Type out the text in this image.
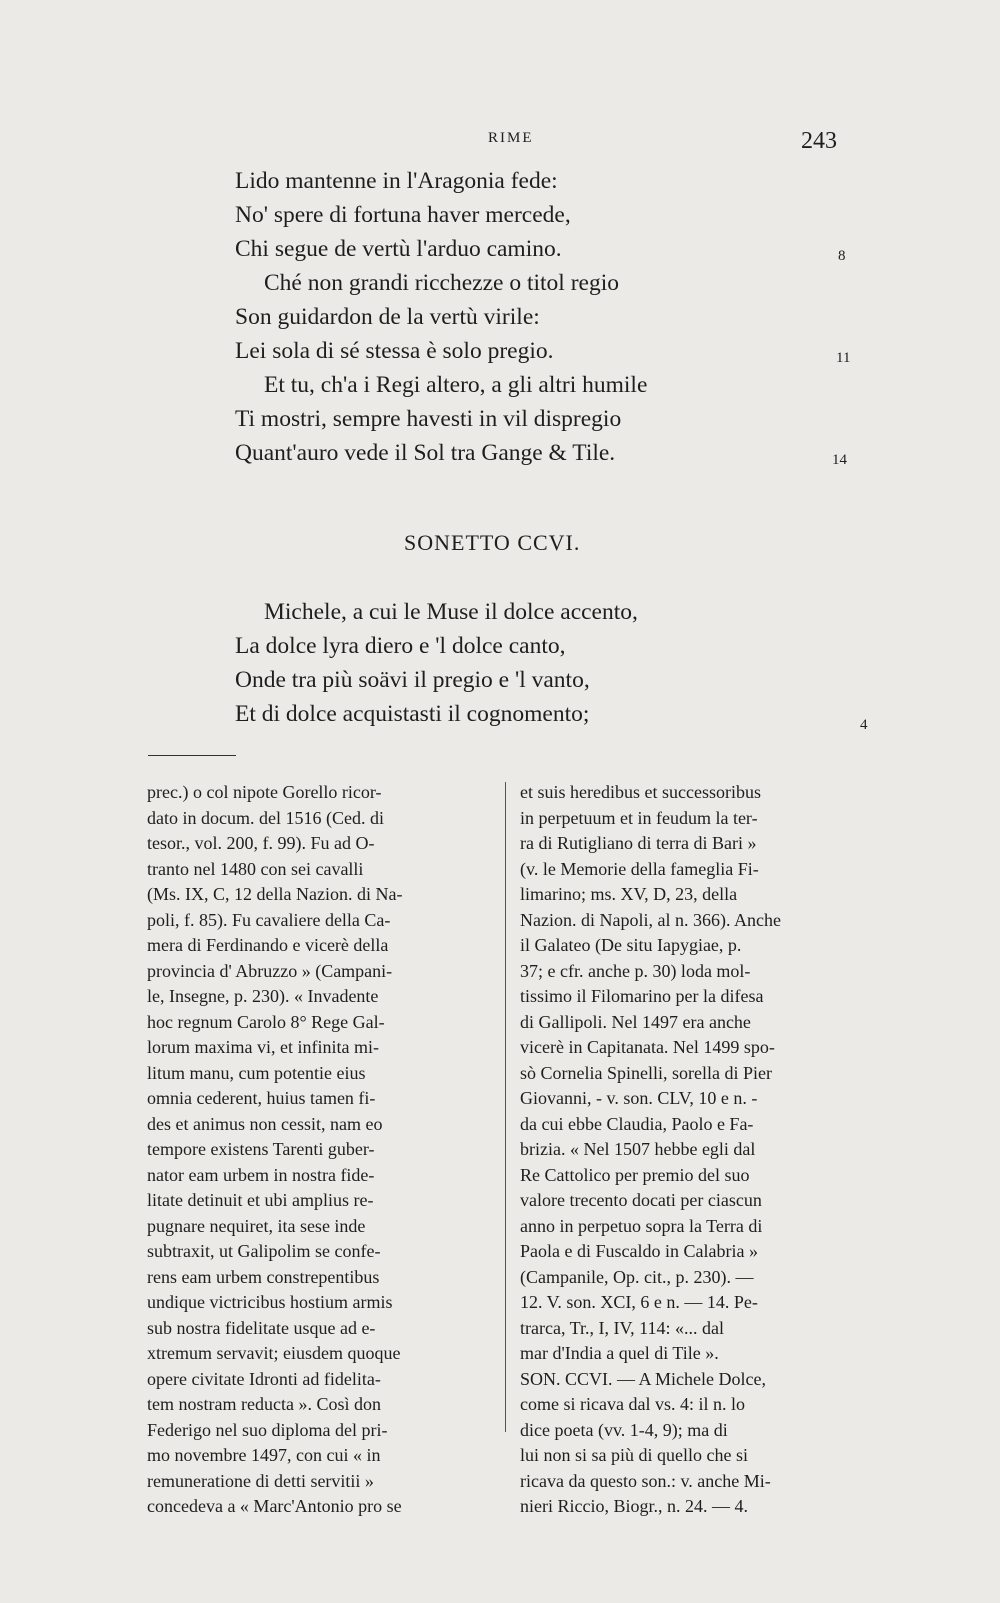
RIME	243
Lido mantenne in l'Aragonia fede:
No' spere di fortuna haver mercede,
Chi segue de vertù l'arduo camino.
Ché non grandi ricchezze o titol regio
Son guidardon de la vertù virile:
Lei sola di sé stessa è solo pregio.
Et tu, ch'a i Regi altero, a gli altri humile
Ti mostri, sempre havesti in vil dispregio
Quant'auro vede il Sol tra Gange & Tile.
8
11
14
SONETTO CCVI.
Michele, a cui le Muse il dolce accento,
La dolce lyra diero e 'l dolce canto,
Onde tra più soävi il pregio e 'l vanto,
Et di dolce acquistasti il cognomento;	4
prec.) o col nipote Gorello ricor-
dato in docum. del 1516 (Ced. di
tesor., vol. 200, f. 99). Fu ad O-
tranto nel 1480 con sei cavalli
(Ms. IX, C, 12 della Nazion. di Na-
poli, f. 85). Fu cavaliere della Ca-
mera di Ferdinando e vicerè della
provincia d' Abruzzo » (Campani-
le, Insegne, p. 230). « Invadente
hoc regnum Carolo 8° Rege Gal-
lorum maxima vi, et infinita mi-
litum manu, cum potentie eius
omnia cederent, huius tamen fi-
des et animus non cessit, nam eo
tempore existens Tarenti guber-
nator eam urbem in nostra fide-
litate detinuit et ubi amplius re-
pugnare nequiret, ita sese inde
subtraxit, ut Galipolim se confe-
rens eam urbem constrepentibus
undique victricibus hostium armis
sub nostra fidelitate usque ad e-
xtremum servavit; eiusdem quoque
opere civitate Idronti ad fidelita-
tem nostram reducta ». Così don
Federigo nel suo diploma del pri-
mo novembre 1497, con cui « in
remuneratione di detti servitii »
concedeva a « Marc'Antonio pro se
et suis heredibus et successoribus
in perpetuum et in feudum la ter-
ra di Rutigliano di terra di Bari »
(v. le Memorie della fameglia Fi-
limarino; ms. XV, D, 23, della
Nazion. di Napoli, al n. 366). Anche
il Galateo (De situ Iapygiae, p.
37; e cfr. anche p. 30) loda mol-
tissimo il Filomarino per la difesa
di Gallipoli. Nel 1497 era anche
vicerè in Capitanata. Nel 1499 spo-
sò Cornelia Spinelli, sorella di Pier
Giovanni, - v. son. CLV, 10 e n. -
da cui ebbe Claudia, Paolo e Fa-
brizia. « Nel 1507 hebbe egli dal
Re Cattolico per premio del suo
valore trecento docati per ciascun
anno in perpetuo sopra la Terra di
Paola e di Fuscaldo in Calabria »
(Campanile, Op. cit., p. 230). —
12. V. son. XCI, 6 e n. — 14. Pe-
trarca, Tr., I, IV, 114: «... dal
mar d'India a quel di Tile ».
SON. CCVI. — A Michele Dolce,
come si ricava dal vs. 4: il n. lo
dice poeta (vv. 1-4, 9); ma di
lui non si sa più di quello che si
ricava da questo son.: v. anche Mi-
nieri Riccio, Biogr., n. 24. — 4.
